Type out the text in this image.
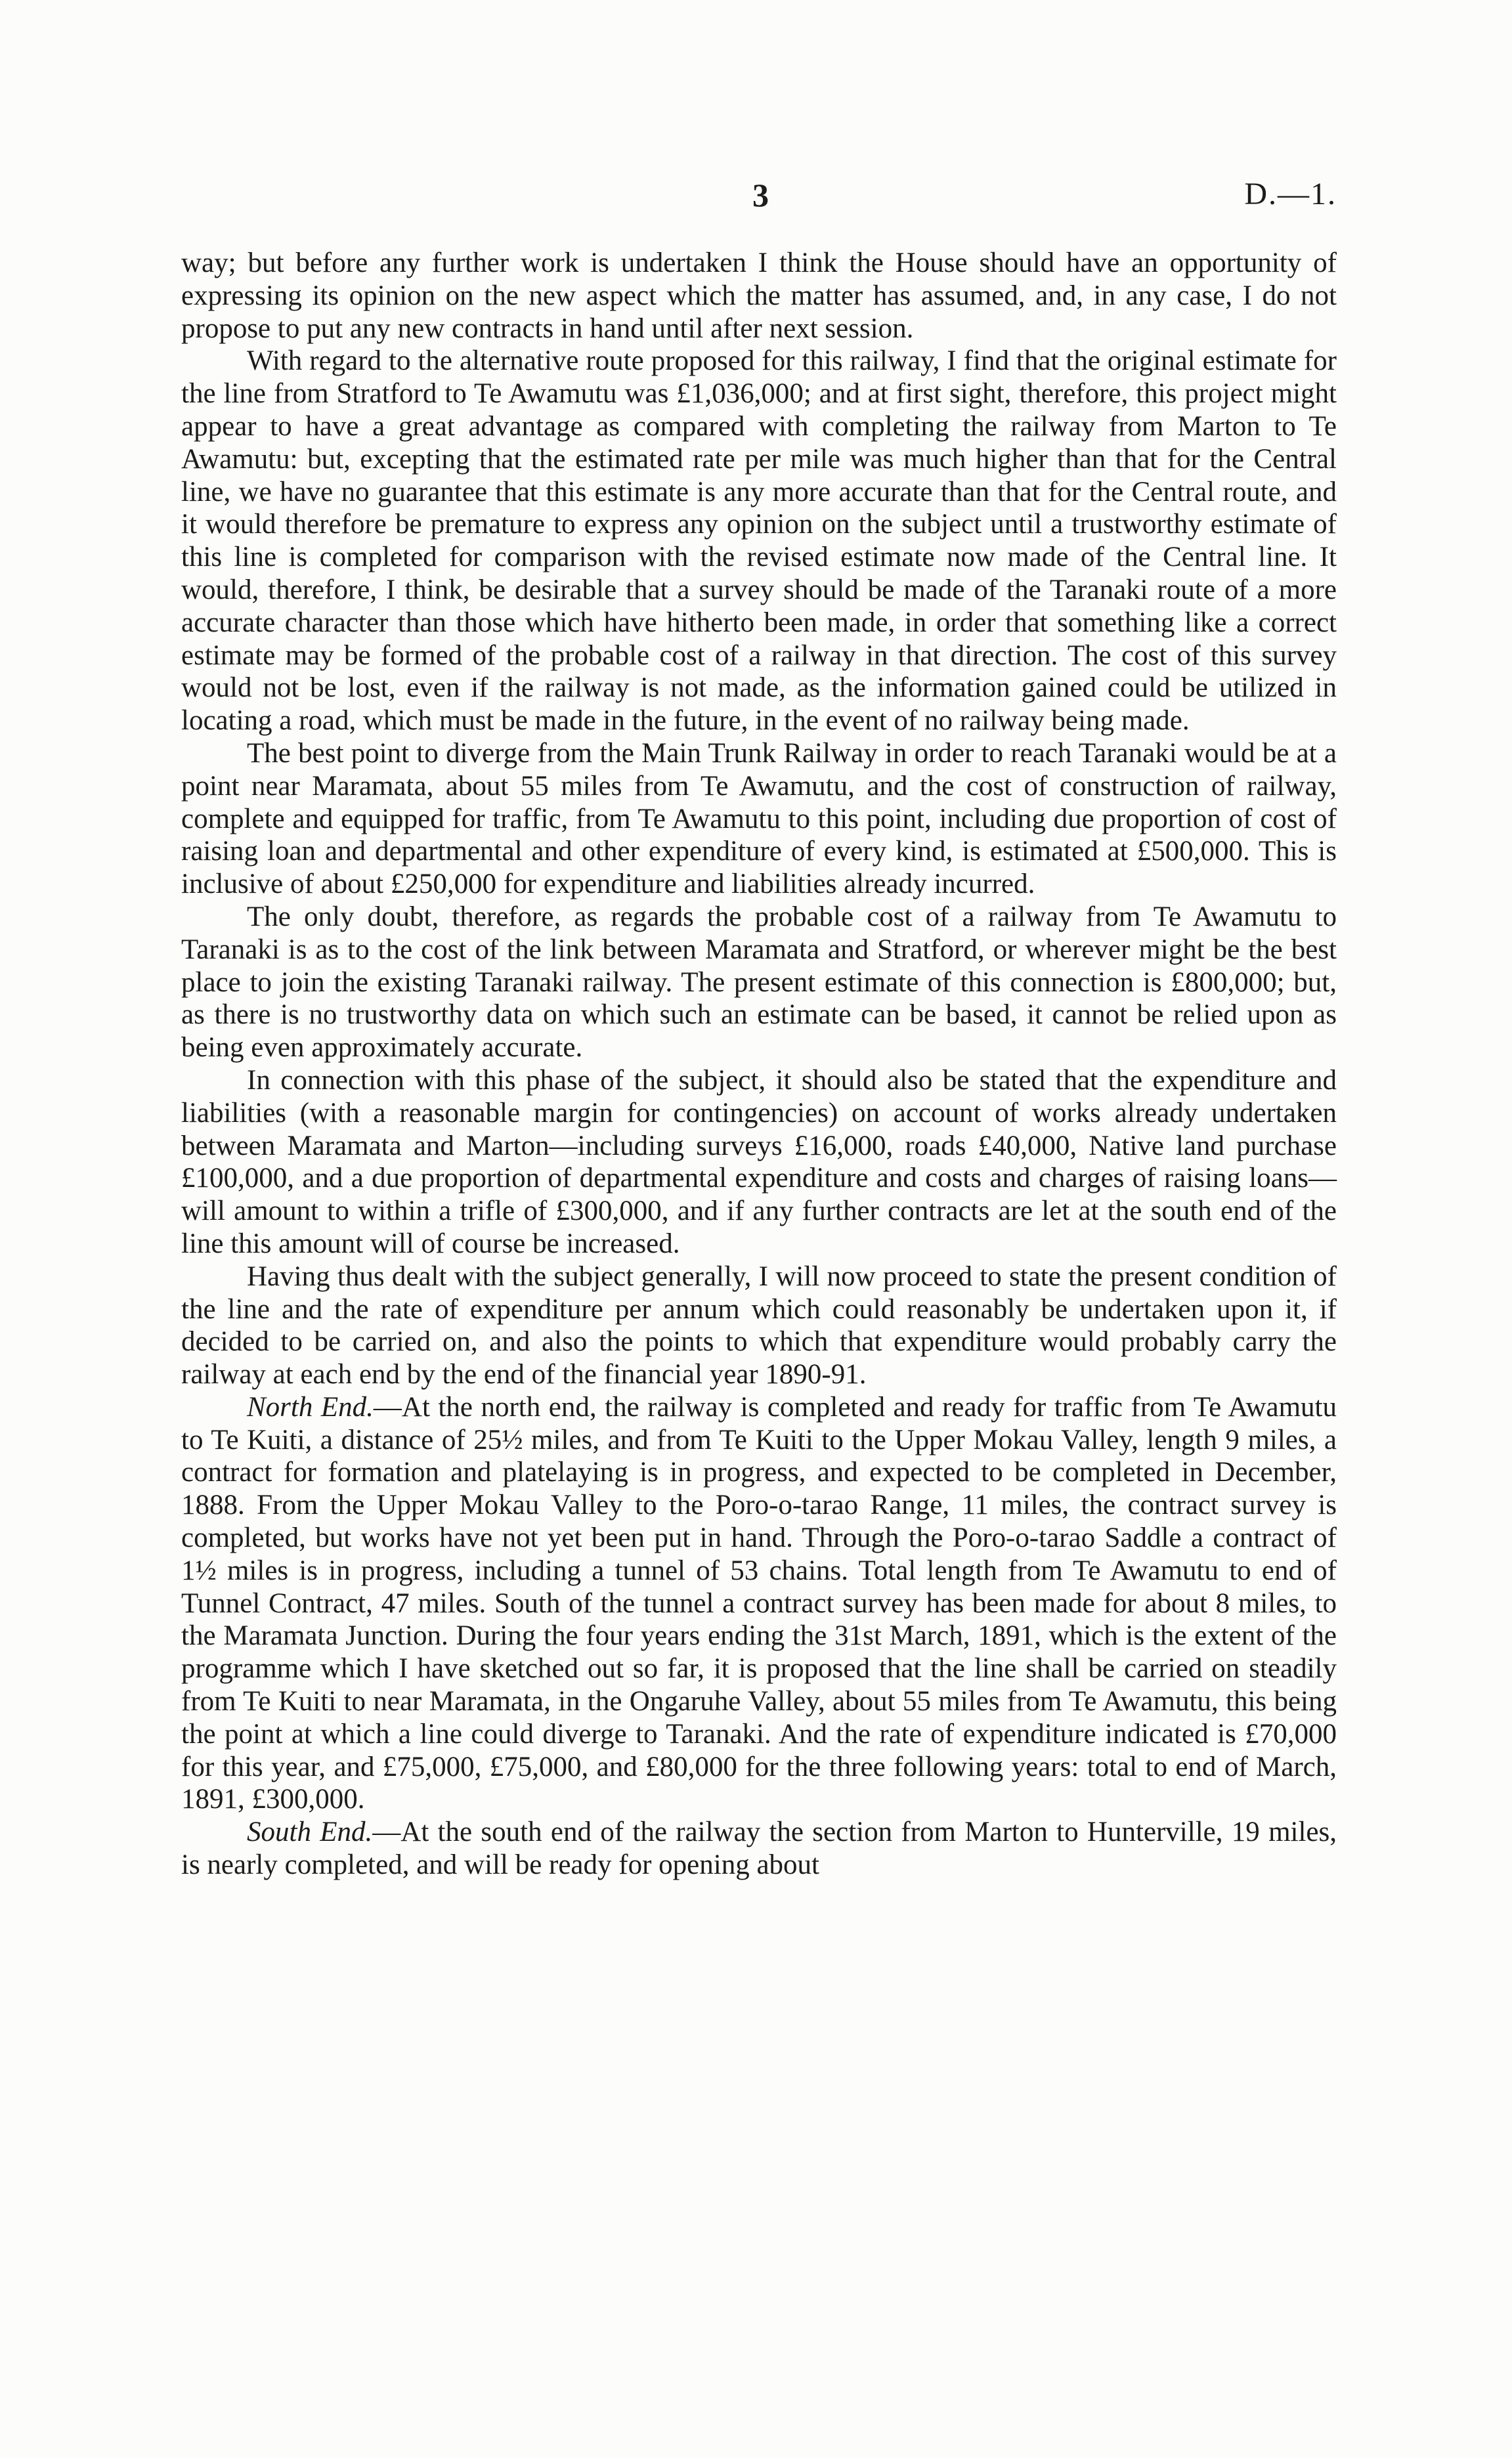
3	D.—1.

way; but before any further work is undertaken I think the House should have an opportunity of expressing its opinion on the new aspect which the matter has assumed, and, in any case, I do not propose to put any new contracts in hand until after next session.

With regard to the alternative route proposed for this railway, I find that the original estimate for the line from Stratford to Te Awamutu was £1,036,000; and at first sight, therefore, this project might appear to have a great advantage as compared with completing the railway from Marton to Te Awamutu: but, excepting that the estimated rate per mile was much higher than that for the Central line, we have no guarantee that this estimate is any more accurate than that for the Central route, and it would therefore be premature to express any opinion on the subject until a trustworthy estimate of this line is completed for comparison with the revised estimate now made of the Central line. It would, therefore, I think, be desirable that a survey should be made of the Taranaki route of a more accurate character than those which have hitherto been made, in order that something like a correct estimate may be formed of the probable cost of a railway in that direction. The cost of this survey would not be lost, even if the railway is not made, as the information gained could be utilized in locating a road, which must be made in the future, in the event of no railway being made.

The best point to diverge from the Main Trunk Railway in order to reach Taranaki would be at a point near Maramata, about 55 miles from Te Awamutu, and the cost of construction of railway, complete and equipped for traffic, from Te Awamutu to this point, including due proportion of cost of raising loan and departmental and other expenditure of every kind, is estimated at £500,000. This is inclusive of about £250,000 for expenditure and liabilities already incurred.

The only doubt, therefore, as regards the probable cost of a railway from Te Awamutu to Taranaki is as to the cost of the link between Maramata and Stratford, or wherever might be the best place to join the existing Taranaki railway. The present estimate of this connection is £800,000; but, as there is no trustworthy data on which such an estimate can be based, it cannot be relied upon as being even approximately accurate.

In connection with this phase of the subject, it should also be stated that the expenditure and liabilities (with a reasonable margin for contingencies) on account of works already undertaken between Maramata and Marton—including surveys £16,000, roads £40,000, Native land purchase £100,000, and a due proportion of departmental expenditure and costs and charges of raising loans—will amount to within a trifle of £300,000, and if any further contracts are let at the south end of the line this amount will of course be increased.

Having thus dealt with the subject generally, I will now proceed to state the present condition of the line and the rate of expenditure per annum which could reasonably be undertaken upon it, if decided to be carried on, and also the points to which that expenditure would probably carry the railway at each end by the end of the financial year 1890-91.

North End.—At the north end, the railway is completed and ready for traffic from Te Awamutu to Te Kuiti, a distance of 25½ miles, and from Te Kuiti to the Upper Mokau Valley, length 9 miles, a contract for formation and platelaying is in progress, and expected to be completed in December, 1888. From the Upper Mokau Valley to the Poro-o-tarao Range, 11 miles, the contract survey is completed, but works have not yet been put in hand. Through the Poro-o-tarao Saddle a contract of 1½ miles is in progress, including a tunnel of 53 chains. Total length from Te Awamutu to end of Tunnel Contract, 47 miles. South of the tunnel a contract survey has been made for about 8 miles, to the Maramata Junction. During the four years ending the 31st March, 1891, which is the extent of the programme which I have sketched out so far, it is proposed that the line shall be carried on steadily from Te Kuiti to near Maramata, in the Ongaruhe Valley, about 55 miles from Te Awamutu, this being the point at which a line could diverge to Taranaki. And the rate of expenditure indicated is £70,000 for this year, and £75,000, £75,000, and £80,000 for the three following years: total to end of March, 1891, £300,000.

South End.—At the south end of the railway the section from Marton to Hunterville, 19 miles, is nearly completed, and will be ready for opening about
